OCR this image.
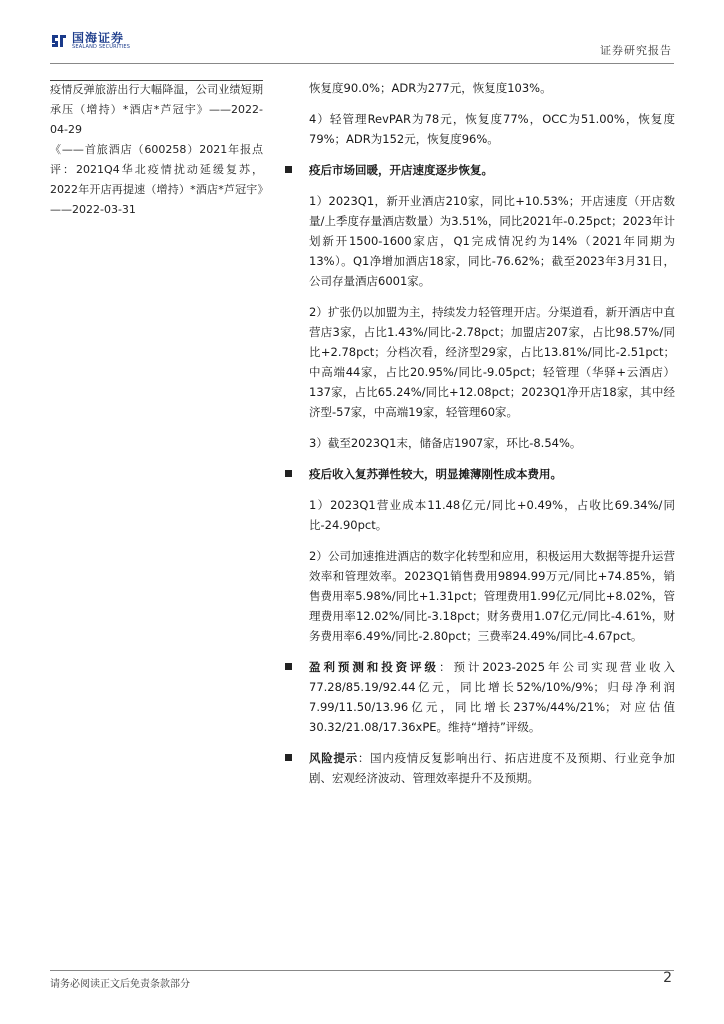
国海证券
SEALAND SECURITIES	证券研究报告

疫情反弹旅游出行大幅降温，公司业绩短期承压（增持）*酒店*芦冠宇》——2022-04-29

《——首旅酒店（600258）2021年报点评：2021Q4华北疫情扰动延缓复苏，2022年开店再提速（增持）*酒店*芦冠宇》——2022-03-31

恢复度90.0%；ADR为277元，恢复度103%。

4）轻管理RevPAR为78元，恢复度77%，OCC为51.00%，恢复度79%；ADR为152元，恢复度96%。

疫后市场回暖，开店速度逐步恢复。

1）2023Q1，新开业酒店210家，同比+10.53%；开店速度（开店数量/上季度存量酒店数量）为3.51%，同比2021年-0.25pct；2023年计划新开1500-1600家店，Q1完成情况约为14%（2021年同期为13%）。Q1净增加酒店18家，同比-76.62%；截至2023年3月31日，公司存量酒店6001家。

2）扩张仍以加盟为主，持续发力轻管理开店。分渠道看，新开酒店中直营店3家，占比1.43%/同比-2.78pct；加盟店207家，占比98.57%/同比+2.78pct；分档次看，经济型29家，占比13.81%/同比-2.51pct；中高端44家，占比20.95%/同比-9.05pct；轻管理（华驿+云酒店）137家，占比65.24%/同比+12.08pct；2023Q1净开店18家，其中经济型-57家，中高端19家，轻管理60家。

3）截至2023Q1末，储备店1907家，环比-8.54%。

疫后收入复苏弹性较大，明显摊薄刚性成本费用。

1）2023Q1营业成本11.48亿元/同比+0.49%，占收比69.34%/同比-24.90pct。

2）公司加速推进酒店的数字化转型和应用，积极运用大数据等提升运营效率和管理效率。2023Q1销售费用9894.99万元/同比+74.85%，销售费用率5.98%/同比+1.31pct；管理费用1.99亿元/同比+8.02%，管理费用率12.02%/同比-3.18pct；财务费用1.07亿元/同比-4.61%，财务费用率6.49%/同比-2.80pct；三费率24.49%/同比-4.67pct。

盈利预测和投资评级：预计2023-2025年公司实现营业收入77.28/85.19/92.44亿元，同比增长52%/10%/9%；归母净利润7.99/11.50/13.96亿元，同比增长237%/44%/21%；对应估值30.32/21.08/17.36xPE。维持“增持”评级。
风险提示：国内疫情反复影响出行、拓店进度不及预期、行业竞争加剧、宏观经济波动、管理效率提升不及预期。
请务必阅读正文后免责条款部分	2
